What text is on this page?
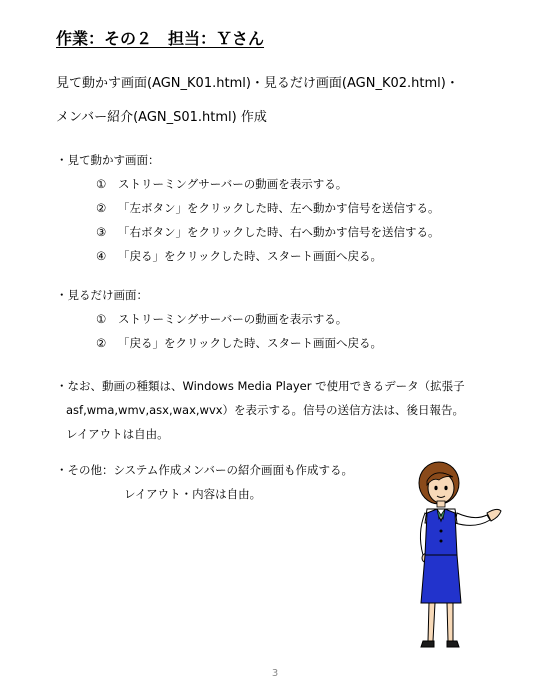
作業：その２　担当：Ｙさん
見て動かす画面(AGN_K01.html)・見るだけ画面(AGN_K02.html)・
メンバー紹介(AGN_S01.html) 作成
・見て動かす画面：
① ストリーミングサーバーの動画を表示する。
② 「左ボタン」をクリックした時、左へ動かす信号を送信する。
③ 「右ボタン」をクリックした時、右へ動かす信号を送信する。
④ 「戻る」をクリックした時、スタート画面へ戻る。
・見るだけ画面：
① ストリーミングサーバーの動画を表示する。
② 「戻る」をクリックした時、スタート画面へ戻る。
・なお、動画の種類は、Windows Media Player で使用できるデータ（拡張子
asf,wma,wmv,asx,wax,wvx）を表示する。信号の送信方法は、後日報告。
レイアウトは自由。
・その他：システム作成メンバーの紹介画面も作成する。
レイアウト・内容は自由。
3
